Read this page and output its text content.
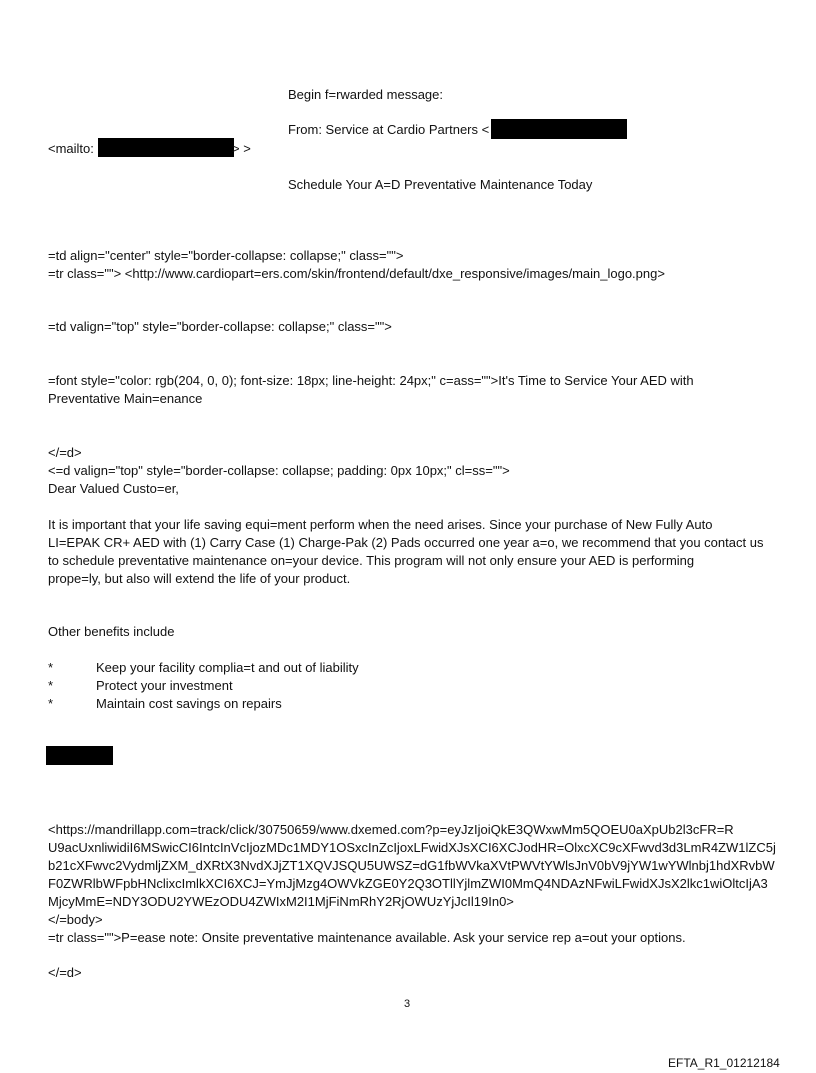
Begin f=rwarded message:
From: Service at Cardio Partners <
<mailto:	> >
Schedule Your A=D Preventative Maintenance Today
=td align="center" style="border-collapse: collapse;" class="">
=tr class=""> <http://www.cardiopart=ers.com/skin/frontend/default/dxe_responsive/images/main_logo.png>
=td valign="top" style="border-collapse: collapse;" class="">
=font style="color: rgb(204, 0, 0); font-size: 18px; line-height: 24px;" c=ass="">It's Time to Service Your AED with
Preventative Main=enance
</=d>
<=d valign="top" style="border-collapse: collapse; padding: 0px 10px;" cl=ss="">
Dear Valued Custo=er,
It is important that your life saving equi=ment perform when the need arises. Since your purchase of New Fully Auto
LI=EPAK CR+ AED with (1) Carry Case (1) Charge-Pak (2) Pads occurred one year a=o, we recommend that you contact us
to schedule preventative maintenance on=your device. This program will not only ensure your AED is performing
prope=ly, but also will extend the life of your product.
Other benefits include
*	Keep your facility complia=t and out of liability
*	Protect your investment
*	Maintain cost savings on repairs
<https://mandrillapp.com=track/click/30750659/www.dxemed.com?p=eyJzIjoiQkE3QWxwMm5QOEU0aXpUb2l3cFR=R
U9acUxnliwidiI6MSwicCI6IntcInVcIjozMDc1MDY1OSxcInZcIjoxLFwidXJsXCI6XCJodHR=OlxcXC9cXFwvd3d3LmR4ZW1lZC5j
b21cXFwvc2VydmljZXM_dXRtX3NvdXJjZT1XQVJSQU5UWSZ=dG1fbWVkaXVtPWVtYWlsJnV0bV9jYW1wYWlnbj1hdXRvbW
F0ZWRlbWFpbHNclixcImlkXCI6XCJ=YmJjMzg4OWVkZGE0Y2Q3OTllYjlmZWI0MmQ4NDAzNFwiLFwidXJsX2lkc1wiOltcIjA3
MjcyMmE=NDY3ODU2YWEzODU4ZWIxM2I1MjFiNmRhY2RjOWUzYjJcIl19In0>
</=body>
=tr class="">P=ease note: Onsite preventative maintenance available. Ask your service rep a=out your options.
</=d>
3
EFTA_R1_01212184
